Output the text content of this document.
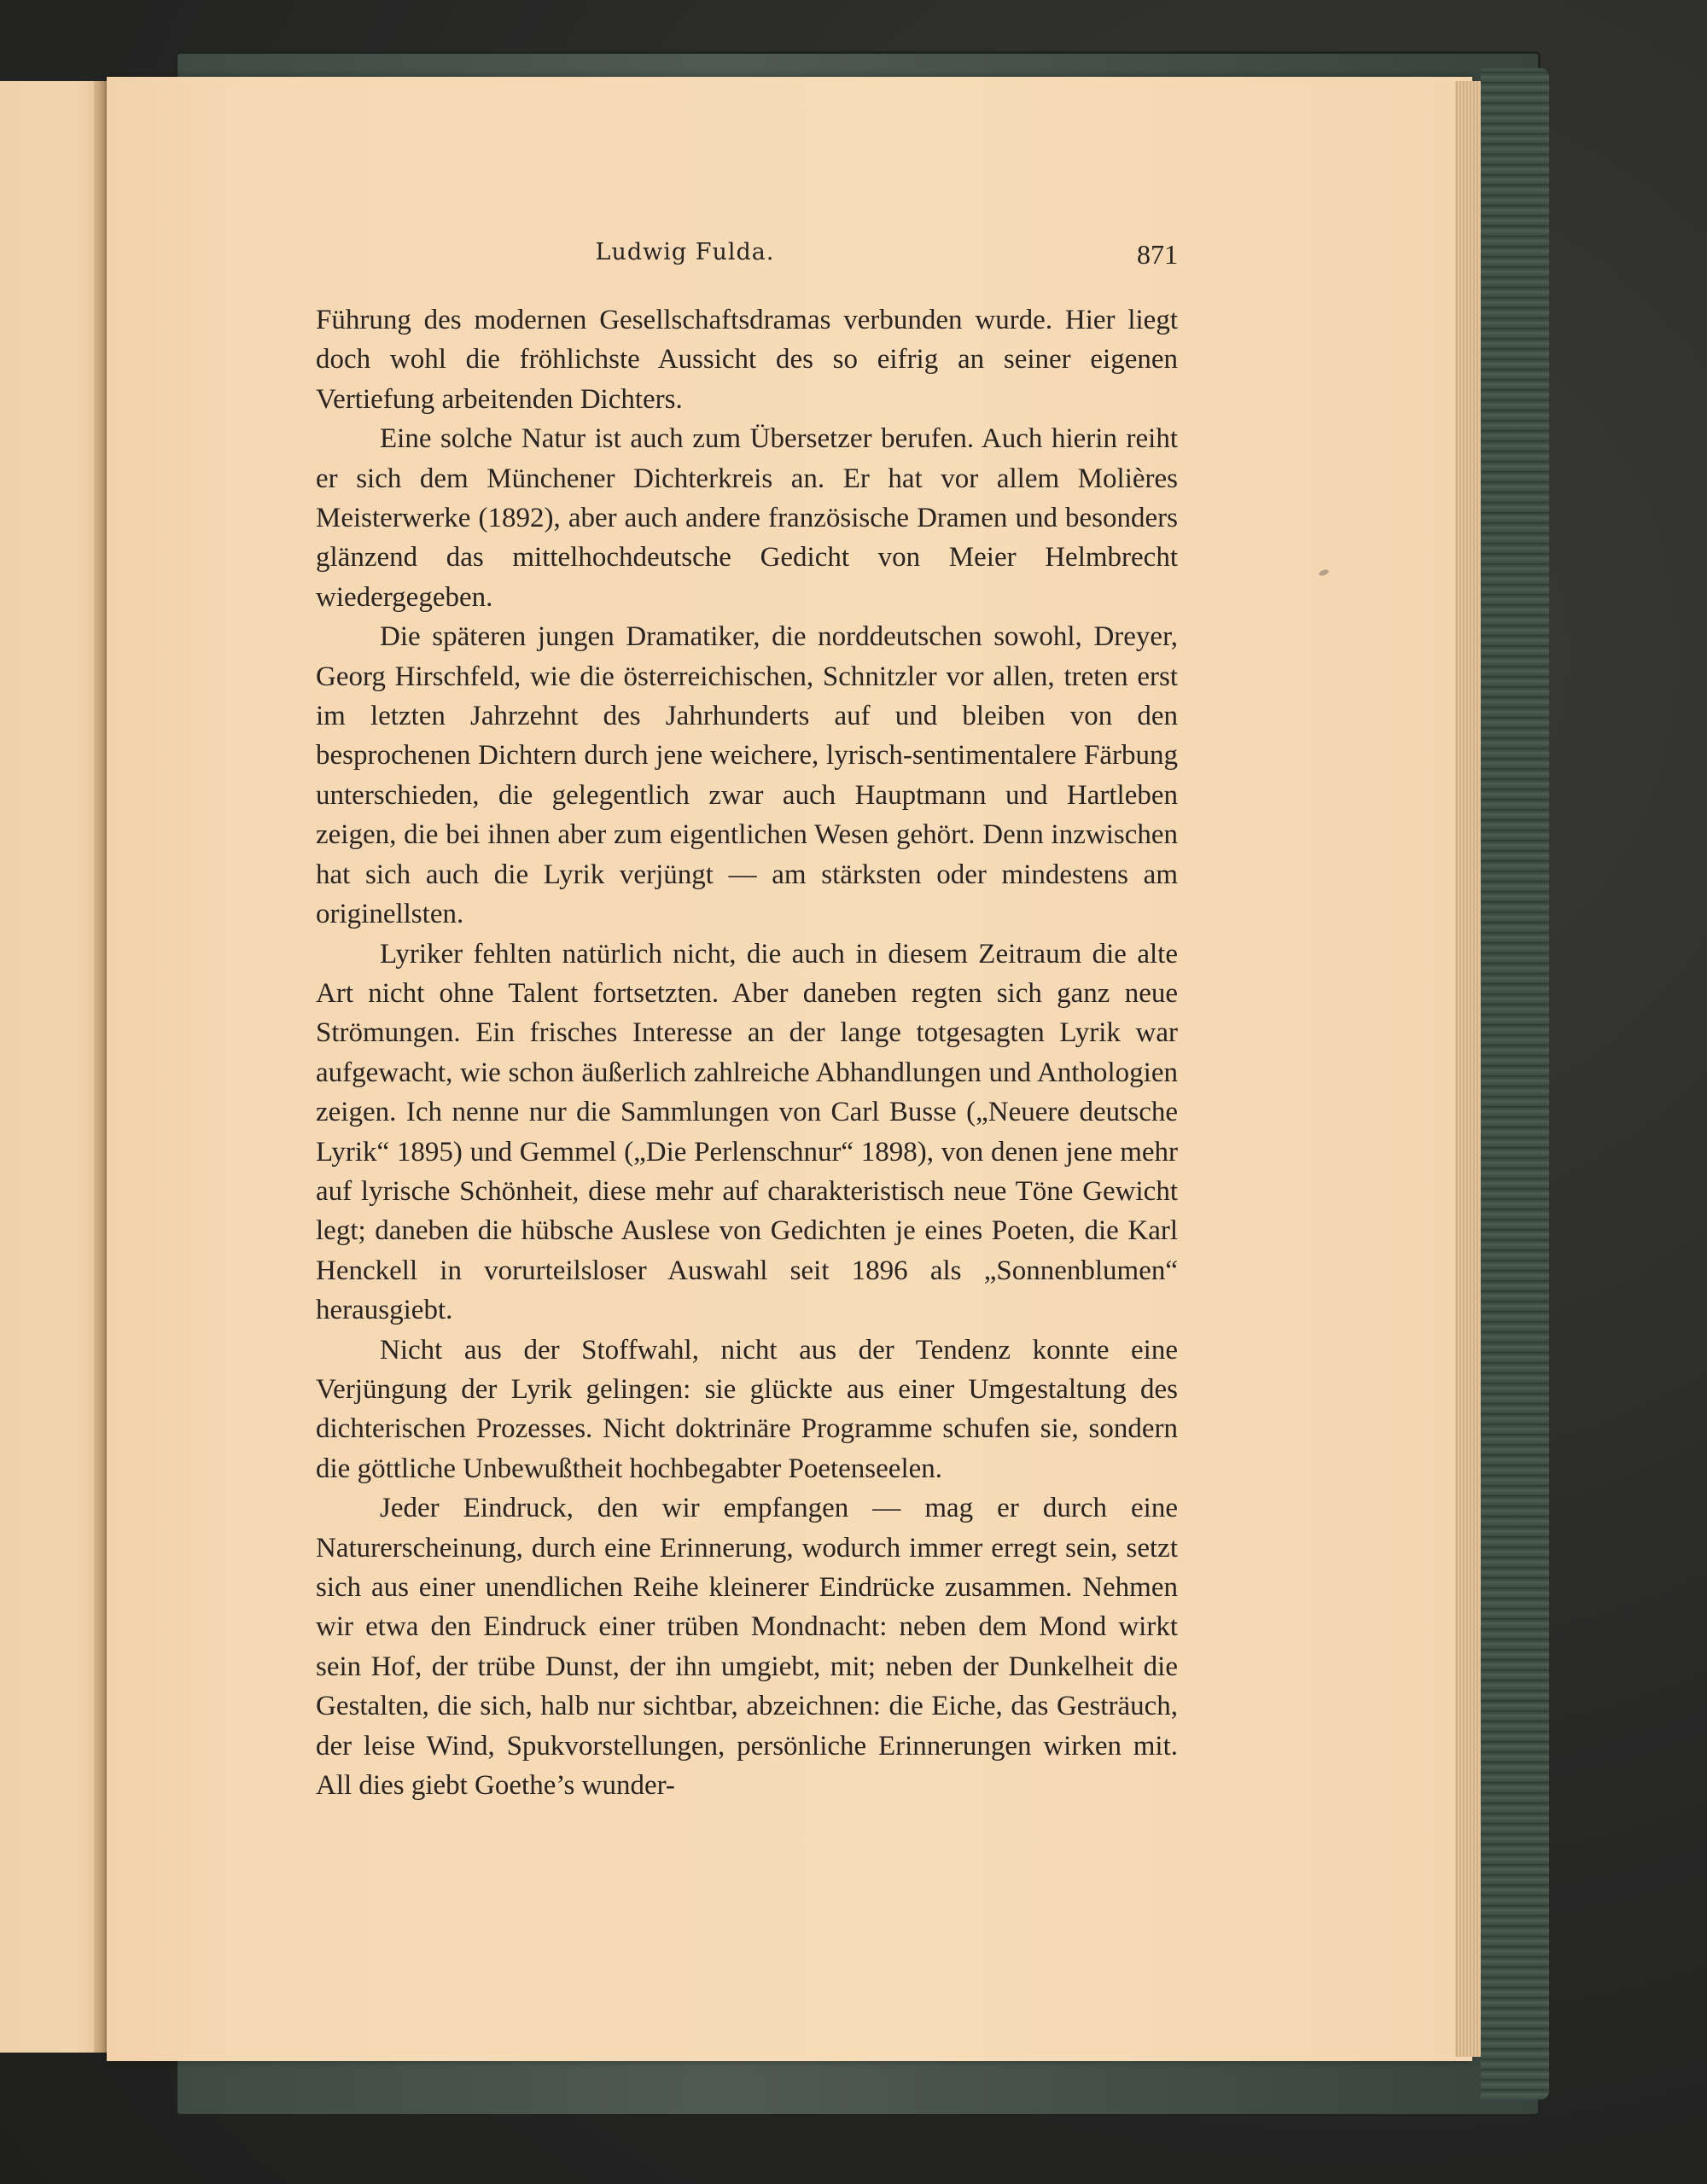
Ludwig Fulda.	871

Führung des modernen Gesellschaftsdramas verbunden wurde. Hier liegt doch wohl die fröhlichste Aussicht des so eifrig an seiner eigenen Vertiefung arbeitenden Dichters.

Eine solche Natur ist auch zum Übersetzer berufen. Auch hierin reiht er sich dem Münchener Dichterkreis an. Er hat vor allem Molières Meisterwerke (1892), aber auch andere französische Dramen und besonders glänzend das mittelhochdeutsche Gedicht von Meier Helmbrecht wiedergegeben.

Die späteren jungen Dramatiker, die norddeutschen sowohl, Dreyer, Georg Hirschfeld, wie die österreichischen, Schnitzler vor allen, treten erst im letzten Jahrzehnt des Jahrhunderts auf und bleiben von den besprochenen Dichtern durch jene weichere, lyrisch-sentimentalere Färbung unterschieden, die gelegentlich zwar auch Hauptmann und Hartleben zeigen, die bei ihnen aber zum eigentlichen Wesen gehört. Denn inzwischen hat sich auch die Lyrik verjüngt — am stärksten oder mindestens am originellsten.

Lyriker fehlten natürlich nicht, die auch in diesem Zeitraum die alte Art nicht ohne Talent fortsetzten. Aber daneben regten sich ganz neue Strömungen. Ein frisches Interesse an der lange totgesagten Lyrik war aufgewacht, wie schon äußerlich zahlreiche Abhandlungen und Anthologien zeigen. Ich nenne nur die Sammlungen von Carl Busse („Neuere deutsche Lyrik“ 1895) und Gemmel („Die Perlenschnur“ 1898), von denen jene mehr auf lyrische Schönheit, diese mehr auf charakteristisch neue Töne Gewicht legt; daneben die hübsche Auslese von Gedichten je eines Poeten, die Karl Henckell in vorurteilsloser Auswahl seit 1896 als „Sonnenblumen“ herausgiebt.

Nicht aus der Stoffwahl, nicht aus der Tendenz konnte eine Verjüngung der Lyrik gelingen: sie glückte aus einer Umgestaltung des dichterischen Prozesses. Nicht doktrinäre Programme schufen sie, sondern die göttliche Unbewußtheit hochbegabter Poetenseelen.

Jeder Eindruck, den wir empfangen — mag er durch eine Naturerscheinung, durch eine Erinnerung, wodurch immer erregt sein, setzt sich aus einer unendlichen Reihe kleinerer Eindrücke zusammen. Nehmen wir etwa den Eindruck einer trüben Mondnacht: neben dem Mond wirkt sein Hof, der trübe Dunst, der ihn umgiebt, mit; neben der Dunkelheit die Gestalten, die sich, halb nur sichtbar, abzeichnen: die Eiche, das Gesträuch, der leise Wind, Spukvorstellungen, persönliche Erinnerungen wirken mit. All dies giebt Goethe’s wunder-
